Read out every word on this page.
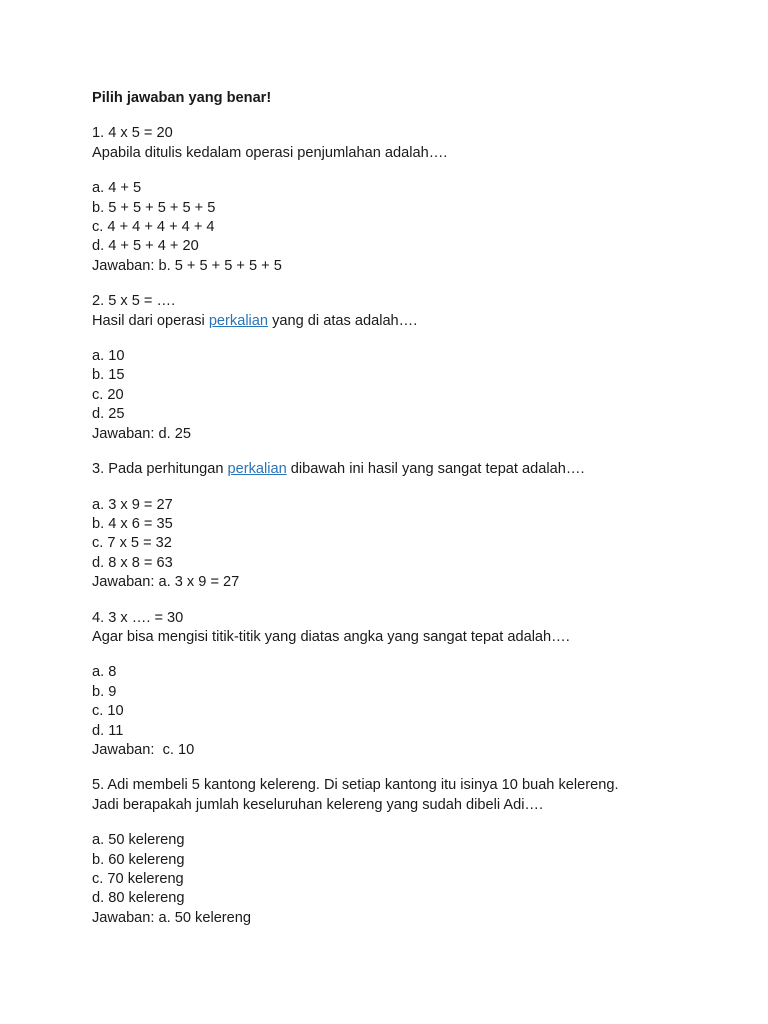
Pilih jawaban yang benar!
1. 4 x 5 = 20
Apabila ditulis kedalam operasi penjumlahan adalah….
a. 4 + 5
b. 5 + 5 + 5 + 5 + 5
c. 4 + 4 + 4 + 4 + 4
d. 4 + 5 + 4 + 20
Jawaban: b. 5 + 5 + 5 + 5 + 5
2. 5 x 5 = ….
Hasil dari operasi perkalian yang di atas adalah….
a. 10
b. 15
c. 20
d. 25
Jawaban: d. 25
3. Pada perhitungan perkalian dibawah ini hasil yang sangat tepat adalah….
a. 3 x 9 = 27
b. 4 x 6 = 35
c. 7 x 5 = 32
d. 8 x 8 = 63
Jawaban: a. 3 x 9 = 27
4. 3 x …. = 30
Agar bisa mengisi titik-titik yang diatas angka yang sangat tepat adalah….
a. 8
b. 9
c. 10
d. 11
Jawaban:  c. 10
5. Adi membeli 5 kantong kelereng. Di setiap kantong itu isinya 10 buah kelereng.
Jadi berapakah jumlah keseluruhan kelereng yang sudah dibeli Adi….
a. 50 kelereng
b. 60 kelereng
c. 70 kelereng
d. 80 kelereng
Jawaban: a. 50 kelereng
